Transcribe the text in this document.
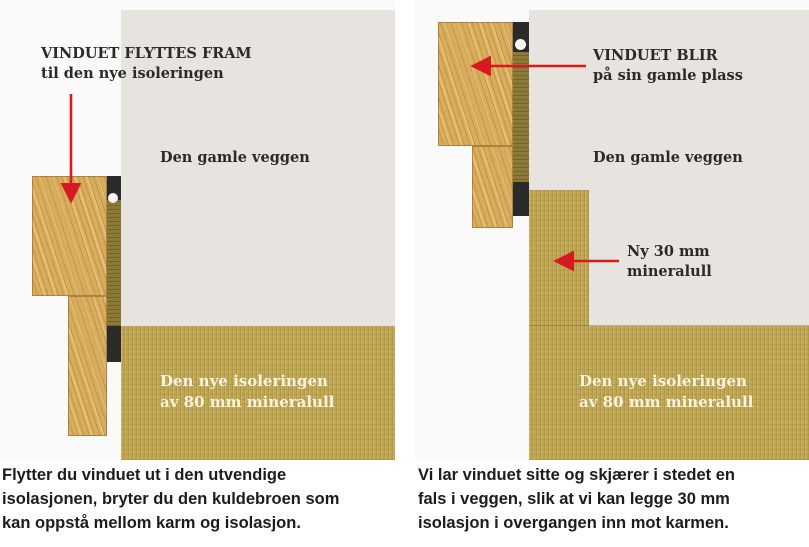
VINDUET FLYTTES FRAM
til den nye isoleringen
Den gamle veggen
Den nye isoleringen
av 80 mm mineralull
VINDUET BLIR
på sin gamle plass
Den gamle veggen
Ny 30 mm
mineralull
Den nye isoleringen
av 80 mm mineralull
Flytter du vinduet ut i den utvendige
isolasjonen, bryter du den kuldebroen som
kan oppstå mellom karm og isolasjon.
Vi lar vinduet sitte og skjærer i stedet en
fals i veggen, slik at vi kan legge 30 mm
isolasjon i overgangen inn mot karmen.
